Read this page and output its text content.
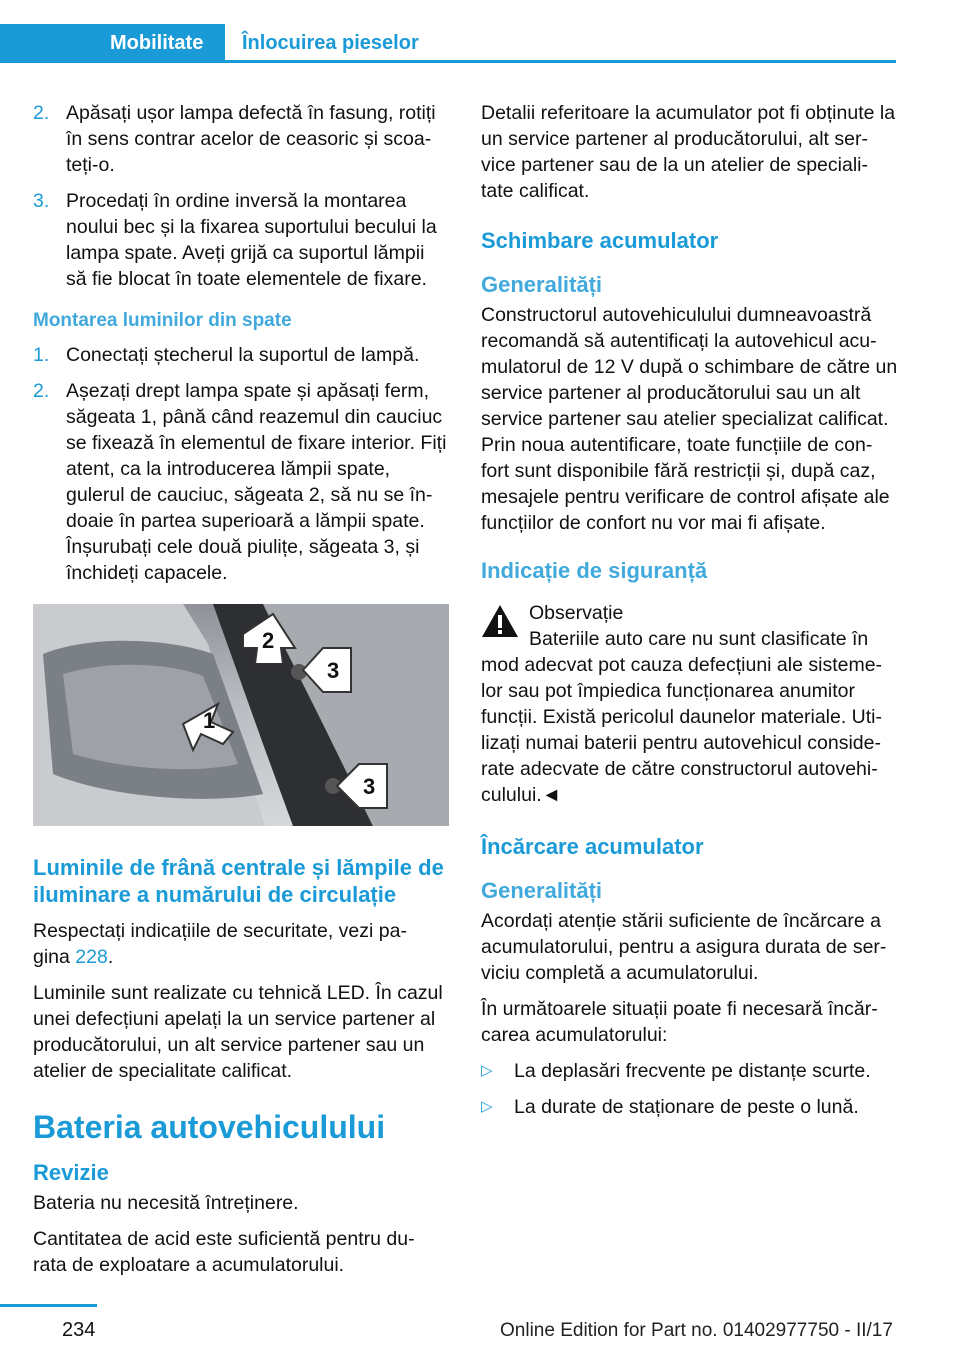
Mobilitate Înlocuirea pieselor
2. Apăsați ușor lampa defectă în fasung, rotiți în sens contrar acelor de ceasoric și scoa‐ teți-o.
3. Procedați în ordine inversă la montarea noului bec și la fixarea suportului becului la lampa spate. Aveți grijă ca suportul lămpii să fie blocat în toate elementele de fixare.
Montarea luminilor din spate
1. Conectați ștecherul la suportul de lampă.
2. Așezați drept lampa spate și apăsați ferm, săgeata 1, până când reazemul din cauciuc se fixează în elementul de fixare interior. Fiți atent, ca la introducerea lămpii spate, gulerul de cauciuc, săgeata 2, să nu se în‐ doaie în partea superioară a lămpii spate. Înșurubați cele două piulițe, săgeata 3, și închideți capacele.
1
2
3
3
Luminile de frână centrale și lămpile de iluminare a numărului de circulație

Respectați indicațiile de securitate, vezi pa‐ gina 228.

Luminile sunt realizate cu tehnică LED. În cazul unei defecțiuni apelați la un service partener al producătorului, un alt service partener sau un atelier de specialitate calificat.

Bateria autovehiculului
Revizie

Bateria nu necesită întreținere.

Cantitatea de acid este suficientă pentru du‐ rata de exploatare a acumulatorului.

Detalii referitoare la acumulator pot fi obținute la un service partener al producătorului, alt ser‐ vice partener sau de la un atelier de speciali‐ tate calificat.

Schimbare acumulator
Generalități

Constructorul autovehiculului dumneavoastră recomandă să autentificați la autovehicul acu‐ mulatorul de 12 V după o schimbare de către un service partener al producătorului sau un alt service partener sau atelier specializat calificat. Prin noua autentificare, toate funcțiile de con‐ fort sunt disponibile fără restricții și, după caz, mesajele pentru verificare de control afișate ale funcțiilor de confort nu vor mai fi afișate.

Indicație de siguranță
Observație

Bateriile auto care nu sunt clasificate în mod adecvat pot cauza defecțiuni ale sisteme‐ lor sau pot împiedica funcționarea anumitor funcții. Există pericolul daunelor materiale. Uti‐ lizați numai baterii pentru autovehicul conside‐ rate adecvate de către constructorul autovehi‐ culului.◄

Încărcare acumulator
Generalități

Acordați atenție stării suficiente de încărcare a acumulatorului, pentru a asigura durata de ser‐ viciu completă a acumulatorului.

În următoarele situații poate fi necesară încăr‐ carea acumulatorului:

▷ La deplasări frecvente pe distanțe scurte.
▷ La durate de staționare de peste o lună.
234	Online Edition for Part no. 01402977750 - II/17
